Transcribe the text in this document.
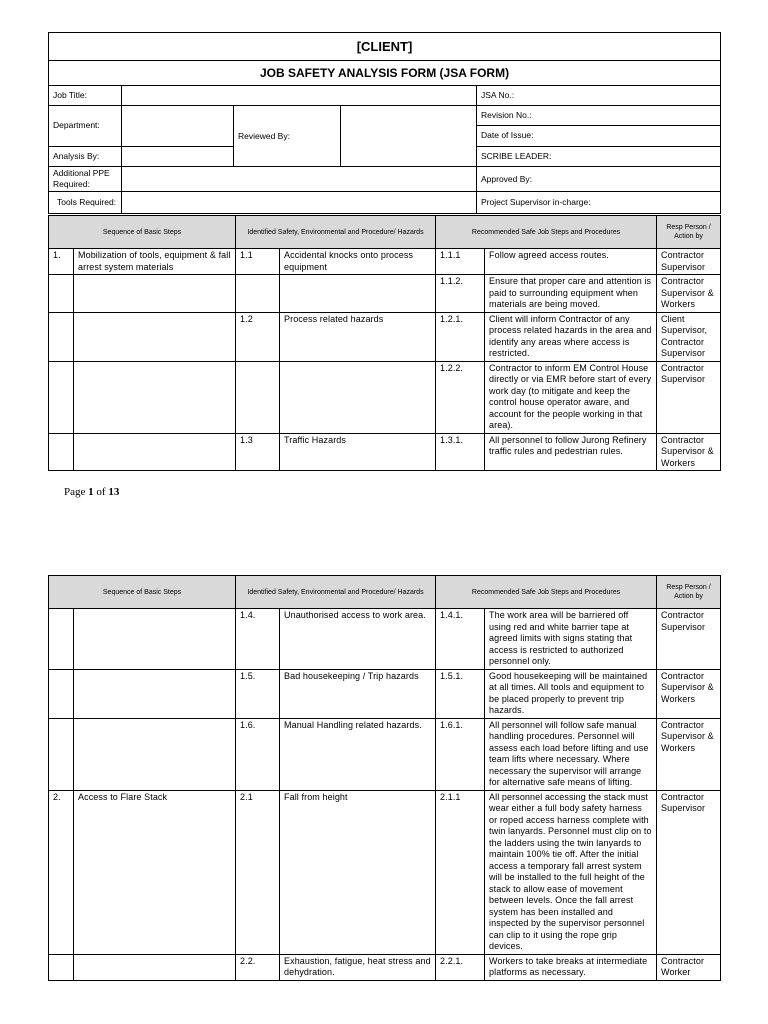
[CLIENT]			
JOB SAFETY ANALYSIS FORM (JSA FORM)			
Job Title:			JSA No.:
Department:		Reviewed By:	Revision No.:
			Date of Issue:
Analysis By:			SCRIBE LEADER:
Additional PPE Required:			Approved By:
Tools Required:			Project Supervisor in-charge:
Sequence of Basic Steps		Identified Safety, Environmental and Procedure/ Hazards		Recommended Safe Job Steps and Procedures		Resp Person / Action by
1.	Mobilization of tools, equipment & fall arrest system materials	1.1	Accidental knocks onto process equipment	1.1.1	Follow agreed access routes.	Contractor Supervisor
				1.1.2.	Ensure that proper care and attention is paid to surrounding equipment when materials are being moved.	Contractor Supervisor & Workers
		1.2	Process related hazards	1.2.1.	Client will inform Contractor of any process related hazards in the area and identify any areas where access is restricted.	Client Supervisor, Contractor Supervisor
				1.2.2.	Contractor to inform EM Control House directly or via EMR before start of every work day (to mitigate and keep the control house operator aware, and account for the people working in that area).	Contractor Supervisor
		1.3	Traffic Hazards	1.3.1.	All personnel to follow Jurong Refinery traffic rules and pedestrian rules.	Contractor Supervisor & Workers
Page 1 of 13
Sequence of Basic Steps		Identified Safety, Environmental and Procedure/ Hazards		Recommended Safe Job Steps and Procedures		Resp Person / Action by
		1.4.	Unauthorised access to work area.	1.4.1.	The work area will be barriered off using red and white barrier tape at agreed limits with signs stating that access is restricted to authorized personnel only.	Contractor Supervisor
		1.5.	Bad housekeeping / Trip hazards	1.5.1.	Good housekeeping will be maintained at all times. All tools and equipment to be placed properly to prevent trip hazards.	Contractor Supervisor & Workers
		1.6.	Manual Handling related hazards.	1.6.1.	All personnel will follow safe manual handling procedures. Personnel will assess each load before lifting and use team lifts where necessary. Where necessary the supervisor will arrange for alternative safe means of lifting.	Contractor Supervisor & Workers
2.	Access to Flare Stack	2.1	Fall from height	2.1.1	All personnel accessing the stack must wear either a full body safety harness or roped access harness complete with twin lanyards. Personnel must clip on to the ladders using the twin lanyards to maintain 100% tie off. After the initial access a temporary fall arrest system will be installed to the full height of the stack to allow ease of movement between levels. Once the fall arrest system has been installed and inspected by the supervisor personnel can clip to it using the rope grip devices.	Contractor Supervisor
		2.2.	Exhaustion, fatigue, heat stress and dehydration.	2.2.1.	Workers to take breaks at intermediate platforms as necessary.	Contractor Worker
